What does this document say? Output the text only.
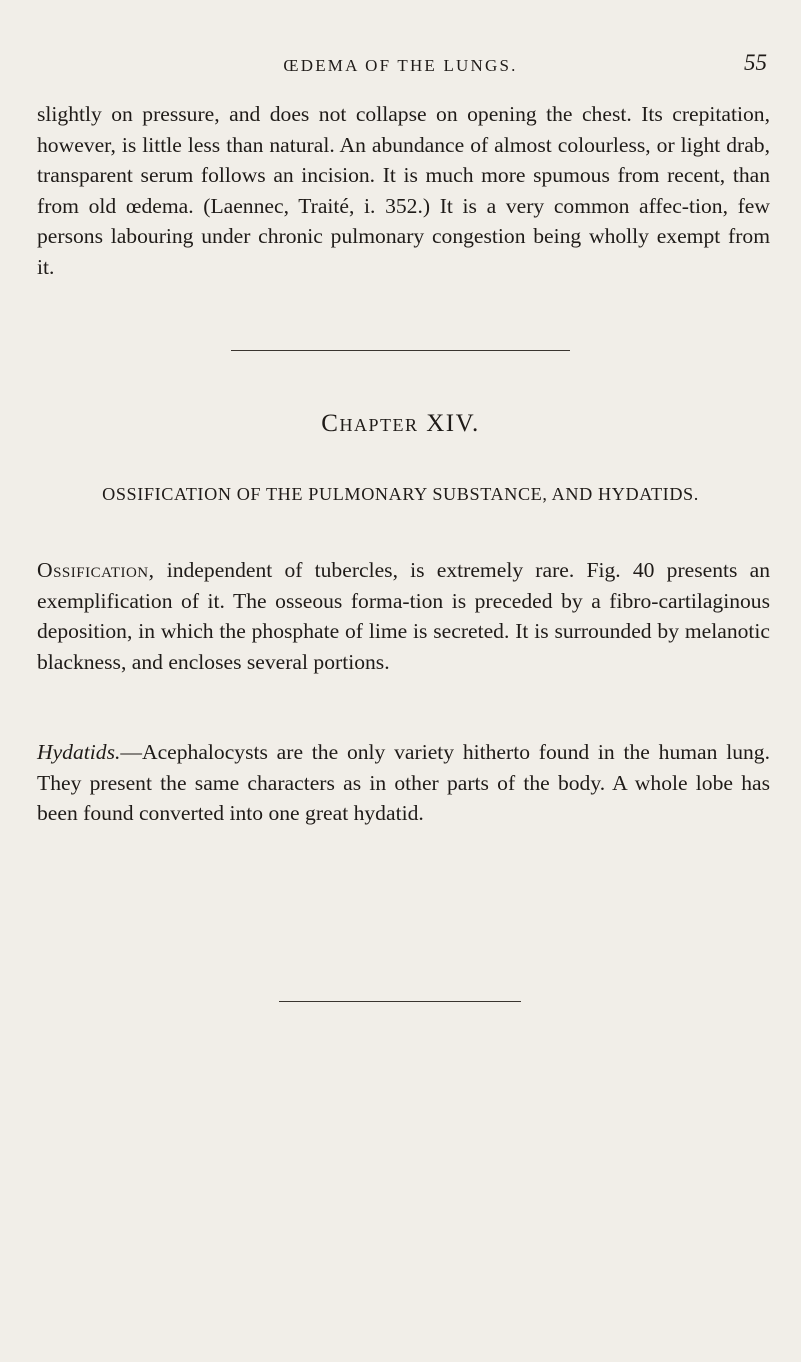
ŒDEMA OF THE LUNGS.	55

slightly on pressure, and does not collapse on opening the chest. Its crepitation, however, is little less than natural. An abundance of almost colourless, or light drab, transparent serum follows an incision. It is much more spumous from recent, than from old œdema. (Laennec, Traité, i. 352.) It is a very common affec-tion, few persons labouring under chronic pulmonary congestion being wholly exempt from it.

Chapter XIV.
OSSIFICATION OF THE PULMONARY SUBSTANCE, AND HYDATIDS.

Ossification, independent of tubercles, is extremely rare. Fig. 40 presents an exemplification of it. The osseous forma-tion is preceded by a fibro-cartilaginous deposition, in which the phosphate of lime is secreted. It is surrounded by melanotic blackness, and encloses several portions.

Hydatids.—Acephalocysts are the only variety hitherto found in the human lung. They present the same characters as in other parts of the body. A whole lobe has been found converted into one great hydatid.
